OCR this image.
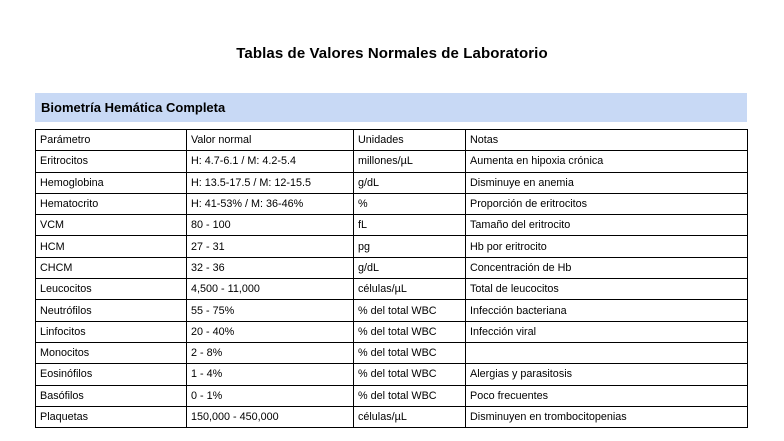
Tablas de Valores Normales de Laboratorio
Biometría Hemática Completa
Parámetro	Valor normal	Unidades	Notas
Eritrocitos	H: 4.7-6.1 / M: 4.2-5.4	millones/µL	Aumenta en hipoxia crónica
Hemoglobina	H: 13.5-17.5 / M: 12-15.5	g/dL	Disminuye en anemia
Hematocrito	H: 41-53% / M: 36-46%	%	Proporción de eritrocitos
VCM	80 - 100	fL	Tamaño del eritrocito
HCM	27 - 31	pg	Hb por eritrocito
CHCM	32 - 36	g/dL	Concentración de Hb
Leucocitos	4,500 - 11,000	células/µL	Total de leucocitos
Neutrófilos	55 - 75%	% del total WBC	Infección bacteriana
Linfocitos	20 - 40%	% del total WBC	Infección viral
Monocitos	2 - 8%	% del total WBC	
Eosinófilos	1 - 4%	% del total WBC	Alergias y parasitosis
Basófilos	0 - 1%	% del total WBC	Poco frecuentes
Plaquetas	150,000 - 450,000	células/µL	Disminuyen en trombocitopenias
